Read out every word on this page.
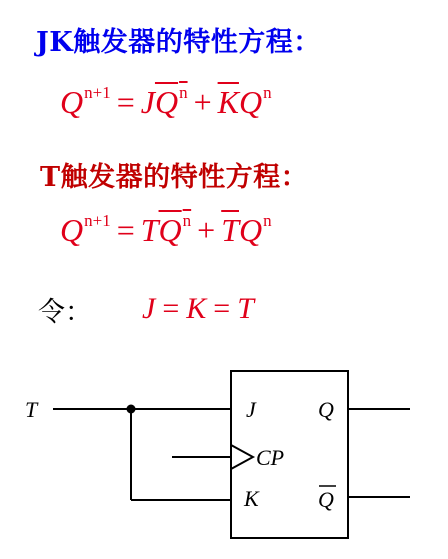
JK触发器的特性方程：
$Q^{n+1} = JQ^n + \overline{K}Q^n$
T触发器的特性方程：
$Q^{n+1} = TQ^n + \overline{T}Q^n$
令： J = K = T
T	J
CP
K
Q
Q
